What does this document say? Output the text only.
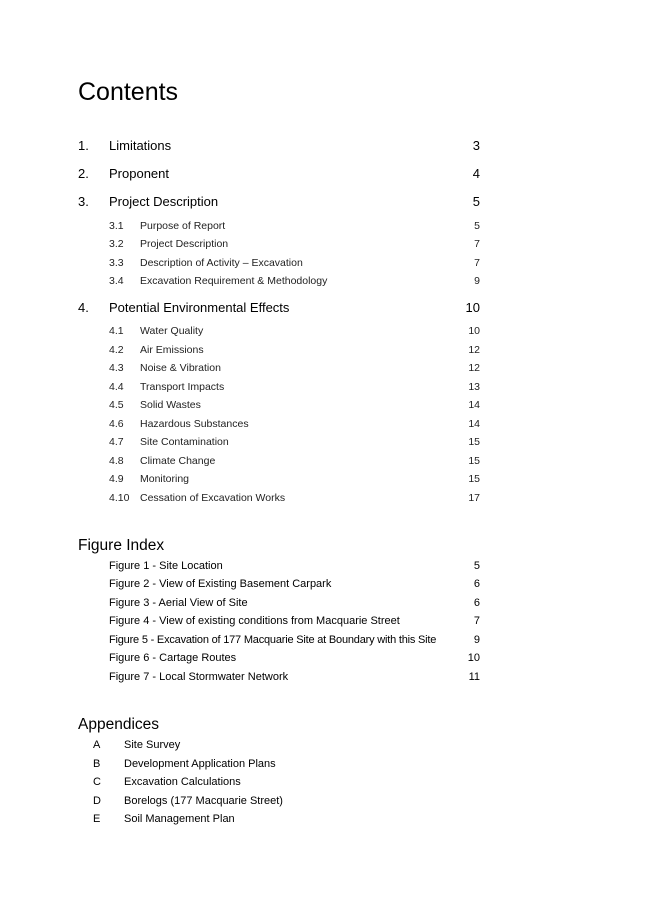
Contents
1. Limitations	3
2. Proponent	4
3. Project Description	5
3.1 Purpose of Report	5
3.2 Project Description	7
3.3 Description of Activity – Excavation	7
3.4 Excavation Requirement & Methodology	9
4. Potential Environmental Effects	10
4.1 Water Quality	10
4.2 Air Emissions	12
4.3 Noise & Vibration	12
4.4 Transport Impacts	13
4.5 Solid Wastes	14
4.6 Hazardous Substances	14
4.7 Site Contamination	15
4.8 Climate Change	15
4.9 Monitoring	15
4.10 Cessation of Excavation Works	17
Figure Index
Figure 1 - Site Location	5
Figure 2 - View of Existing Basement Carpark	6
Figure 3 - Aerial View of Site	6
Figure 4 - View of existing conditions from Macquarie Street	7
Figure 5 - Excavation of 177 Macquarie Site at Boundary with this Site	9
Figure 6 - Cartage Routes	10
Figure 7 - Local Stormwater Network	11
Appendices
A Site Survey
B Development Application Plans
C Excavation Calculations
D Borelogs (177 Macquarie Street)
E Soil Management Plan
